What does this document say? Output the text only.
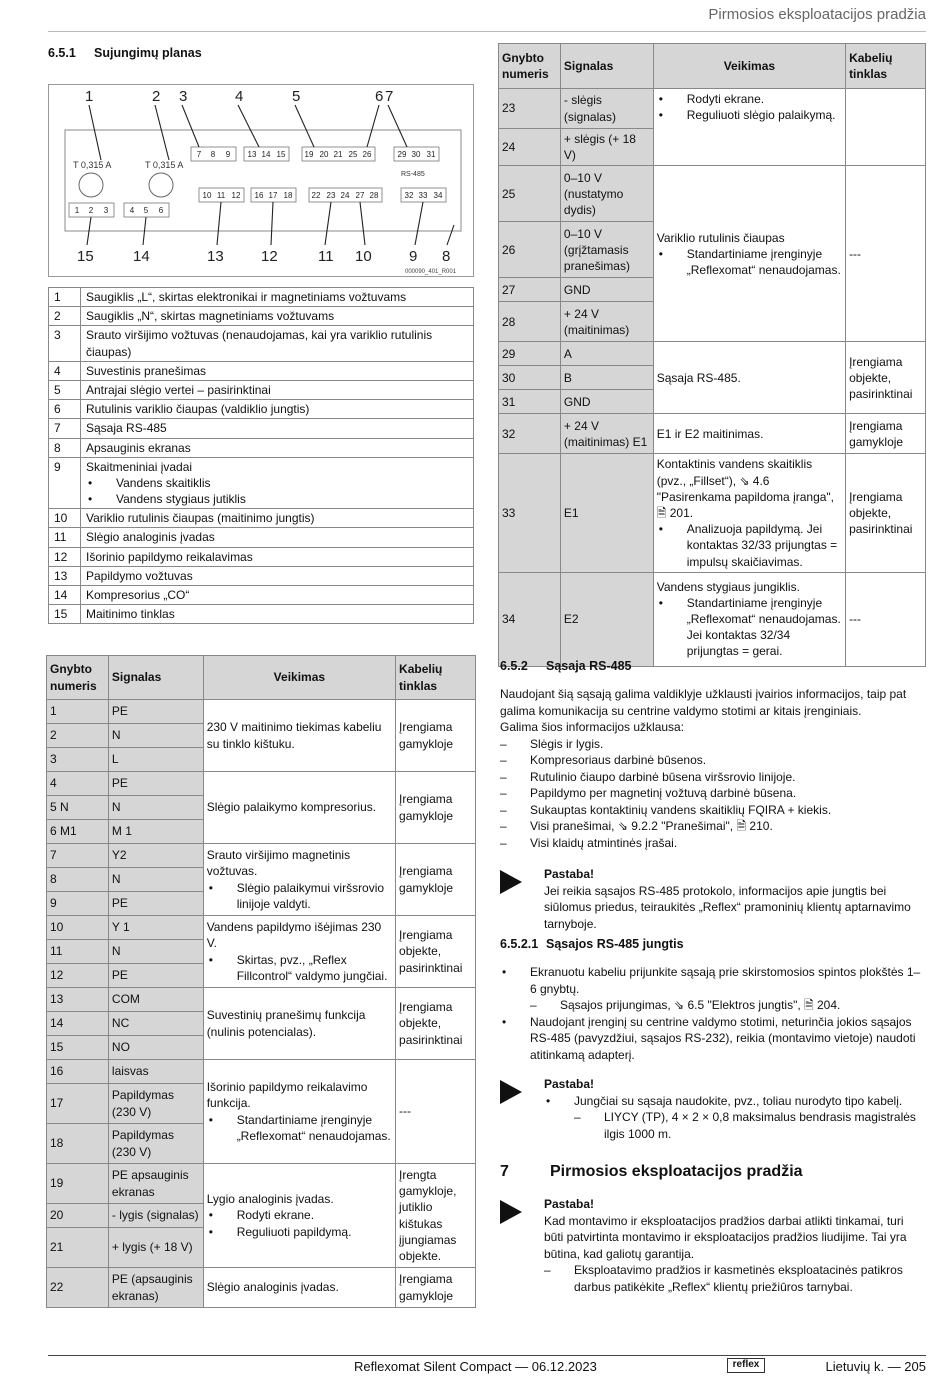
Pirmosios eksploatacijos pradžia
6.5.1 Sujungimų planas
1	2 3	4	5	6 7
T 0,315 A	T 0,315 A
RS-485
7 8 9 13 14 15 19 20 21 25 26	29 30 31
1 2 3	4 5 6
10 11 12 16 17 18 22 23 24 27 28	32 33 34
15	14	13 12	11 10 9 8
000090_401_R001
1	Saugiklis „L“, skirtas elektronikai ir magnetiniams vožtuvams
2	Saugiklis „N“, skirtas magnetiniams vožtuvams
3	Srauto viršijimo vožtuvas (nenaudojamas, kai yra variklio rutulinis čiaupas)
4	Suvestinis pranešimas
5	Antrajai slėgio vertei – pasirinktinai
6	Rutulinis variklio čiaupas (valdiklio jungtis)
7	Sąsaja RS-485
8	Apsauginis ekranas
9	Skaitmeniniai įvadai
• Vandens skaitiklis
• Vandens stygiaus jutiklis

10	Variklio rutulinis čiaupas (maitinimo jungtis)
11	Slėgio analoginis įvadas
12	Išorinio papildymo reikalavimas
13	Papildymo vožtuvas
14	Kompresorius „CO“
15	Maitinimo tinklas
Gnybto numeris	Signalas	Veikimas	Kabelių tinklas
1	PE	230 V maitinimo tiekimas kabeliu su tinklo kištuku.	Įrengiama gamykloje
2	N		
3	L		
4	PE	Slėgio palaikymo kompresorius.	Įrengiama gamykloje
5 N	N		
6 M1	M 1		
7	Y2	Srauto viršijimo magnetinis vožtuvas.
• Slėgio palaikymui viršsrovio linijoje valdyti.	Įrengiama gamykloje
8	N		
9	PE		
10	Y 1	Vandens papildymo išėjimas 230 V.
• Skirtas, pvz., „Reflex Fillcontrol“ valdymo jungčiai.	Įrengiama objekte, pasirinktinai
11	N		
12	PE		
13	COM	Suvestinių pranešimų funkcija (nulinis potencialas).	Įrengiama objekte, pasirinktinai
14	NC		
15	NO		
16	laisvas	Išorinio papildymo reikalavimo funkcija.
• Standartiniame įrenginyje „Reflexomat“ nenaudojamas.	---
17	Papildymas (230 V)		
18	Papildymas (230 V)		
19	PE apsauginis ekranas	Lygio analoginis įvadas.
• Rodyti ekrane.
• Reguliuoti papildymą.	Įrengta gamykloje, jutiklio kištukas įjungiamas objekte.
20	- lygis (signalas)		
21	+ lygis (+ 18 V)		
22	PE (apsauginis ekranas)	Slėgio analoginis įvadas.	Įrengiama gamykloje
Gnybto numeris	Signalas	Veikimas	Kabelių tinklas
23	- slėgis (signalas)	• Rodyti ekrane.
• Reguliuoti slėgio palaikymą.	

24	+ slėgis (+ 18 V)		
25	0–10 V (nustatymo dydis)	Variklio rutulinis čiaupas
• Standartiniame įrenginyje „Reflexomat“ nenaudojamas.	---
26	0–10 V (grįžtamasis pranešimas)		
27	GND		
28	+ 24 V (maitinimas)		
29	A	Sąsaja RS-485.	Įrengiama objekte, pasirinktinai
30	B		
31	GND		
32	+ 24 V (maitinimas) E1	E1 ir E2 maitinimas.	Įrengiama gamykloje
33	E1	Kontaktinis vandens skaitiklis (pvz., „Fillset“), ⇘ 4.6 "Pasirenkama papildoma įranga", 🗎 201.
• Analizuoja papildymą. Jei kontaktas 32/33 prijungtas = impulsų skaičiavimas.	Įrengiama objekte, pasirinktinai
34	E2	Vandens stygiaus jungiklis.
• Standartiniame įrenginyje „Reflexomat“ nenaudojamas. Jei kontaktas 32/34 prijungtas = gerai.	---
6.5.2 Sąsaja RS-485
Naudojant šią sąsają galima valdiklyje užklausti įvairios informacijos, taip pat galima komunikacija su centrine valdymo stotimi ar kitais įrenginiais.
Galima šios informacijos užklausa:
–	Slėgis ir lygis.
–	Kompresoriaus darbinė būsenos.
–	Rutulinio čiaupo darbinė būsena viršsrovio linijoje.
–	Papildymo per magnetinį vožtuvą darbinė būsena.
–	Sukauptas kontaktinių vandens skaitiklių FQIRA + kiekis.
–	Visi pranešimai, ⇘ 9.2.2 "Pranešimai", 🗎 210.
–	Visi klaidų atmintinės įrašai.
Pastaba!
Jei reikia sąsajos RS-485 protokolo, informacijos apie jungtis bei siūlomus priedus, teiraukitės „Reflex“ pramoninių klientų aptarnavimo tarnyboje.
6.5.2.1 Sąsajos RS-485 jungtis
•	Ekranuotu kabeliu prijunkite sąsają prie skirstomosios spintos plokštės 1–6 gnybtų.
–	Sąsajos prijungimas, ⇘ 6.5 "Elektros jungtis", 🗎 204.
•	Naudojant įrenginį su centrine valdymo stotimi, neturinčia jokios sąsajos RS-485 (pavyzdžiui, sąsajos RS-232), reikia (montavimo vietoje) naudoti atitinkamą adapterį.
Pastaba!
•	Jungčiai su sąsaja naudokite, pvz., toliau nurodyto tipo kabelį.
–	LIYCY (TP), 4 × 2 × 0,8 maksimalus bendrasis magistralės ilgis 1000 m.
7	Pirmosios eksploatacijos pradžia
Pastaba!
Kad montavimo ir eksploatacijos pradžios darbai atlikti tinkamai, turi būti patvirtinta montavimo ir eksploatacijos pradžios liudijime. Tai yra būtina, kad galiotų garantija.
–	Eksploatavimo pradžios ir kasmetinės eksploatacinės patikros darbus patikėkite „Reflex“ klientų priežiūros tarnybai.
Reflexomat Silent Compact — 06.12.2023	reflex	Lietuvių k. — 205
